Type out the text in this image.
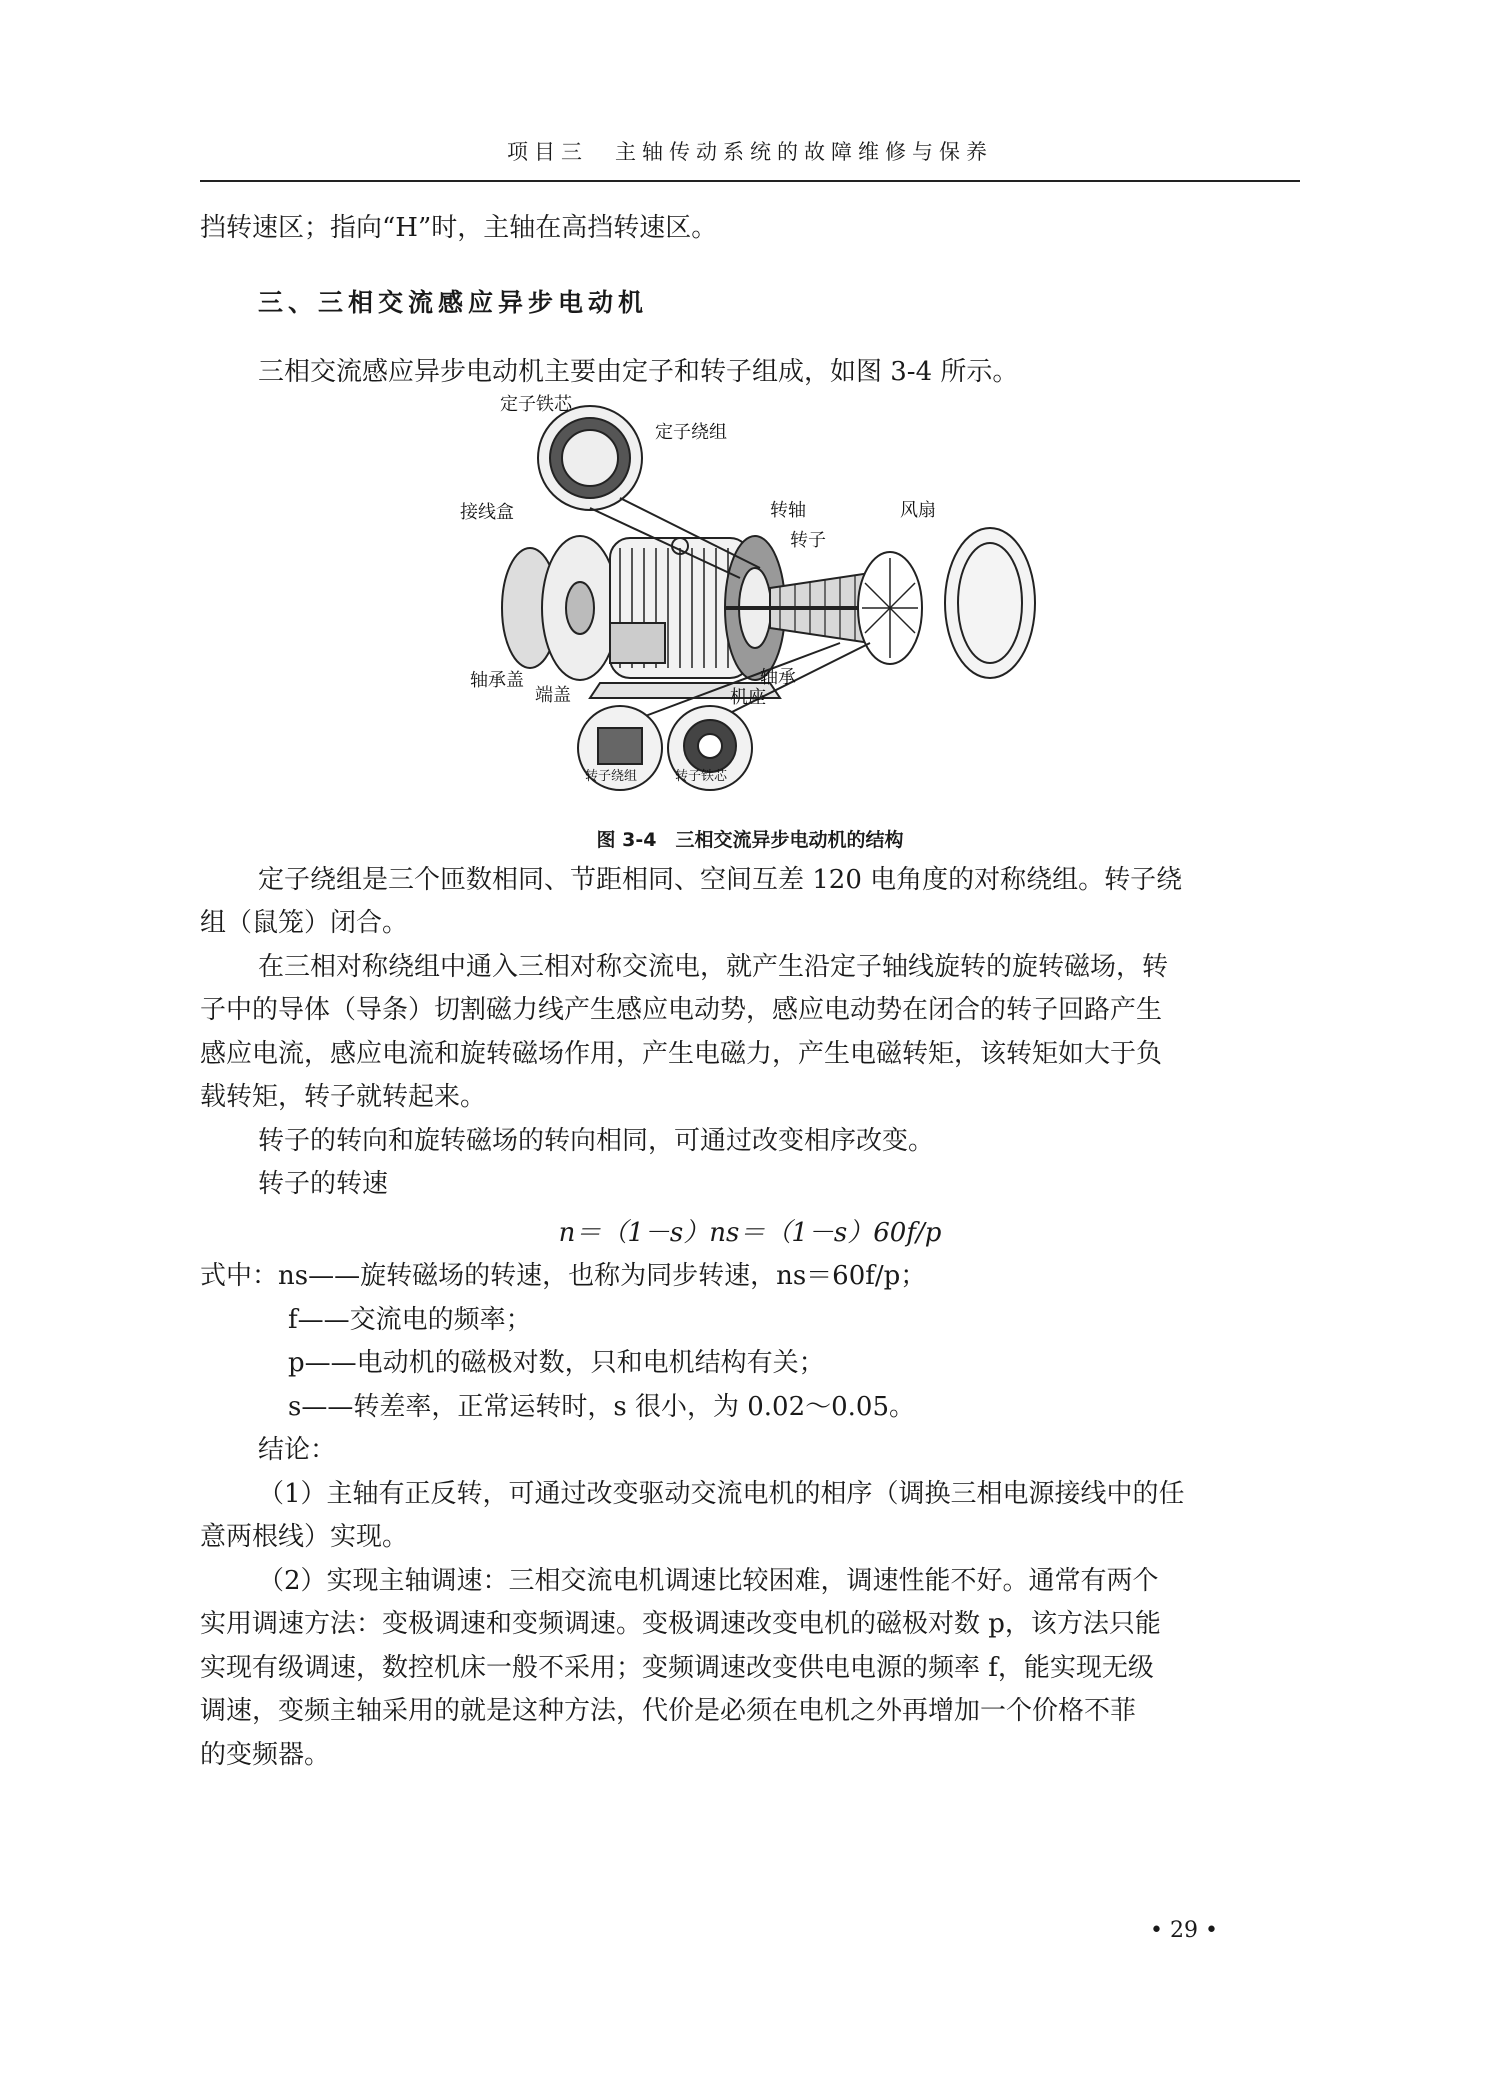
项目三　主轴传动系统的故障维修与保养
挡转速区；指向“H”时，主轴在高挡转速区。
三、三相交流感应异步电动机
三相交流感应异步电动机主要由定子和转子组成，如图 3-4 所示。
定子铁芯
定子绕组
接线盒	转轴
转子
风扇
轴承盖
端盖
轴承
机座
转子绕组	转子铁芯
图 3-4　三相交流异步电动机的结构
定子绕组是三个匝数相同、节距相同、空间互差 120 电角度的对称绕组。转子绕
组（鼠笼）闭合。
在三相对称绕组中通入三相对称交流电，就产生沿定子轴线旋转的旋转磁场，转
子中的导体（导条）切割磁力线产生感应电动势，感应电动势在闭合的转子回路产生
感应电流，感应电流和旋转磁场作用，产生电磁力，产生电磁转矩，该转矩如大于负
载转矩，转子就转起来。
转子的转向和旋转磁场的转向相同，可通过改变相序改变。
转子的转速
n＝（1－s）ns＝（1－s）60f/p
式中：ns——旋转磁场的转速，也称为同步转速，ns＝60f/p；
f——交流电的频率；
p——电动机的磁极对数，只和电机结构有关；
s——转差率，正常运转时，s 很小，为 0.02～0.05。
结论：
（1）主轴有正反转，可通过改变驱动交流电机的相序（调换三相电源接线中的任
意两根线）实现。
（2）实现主轴调速：三相交流电机调速比较困难，调速性能不好。通常有两个
实用调速方法：变极调速和变频调速。变极调速改变电机的磁极对数 p，该方法只能
实现有级调速，数控机床一般不采用；变频调速改变供电电源的频率 f，能实现无级
调速，变频主轴采用的就是这种方法，代价是必须在电机之外再增加一个价格不菲
的变频器。
• 29 •
